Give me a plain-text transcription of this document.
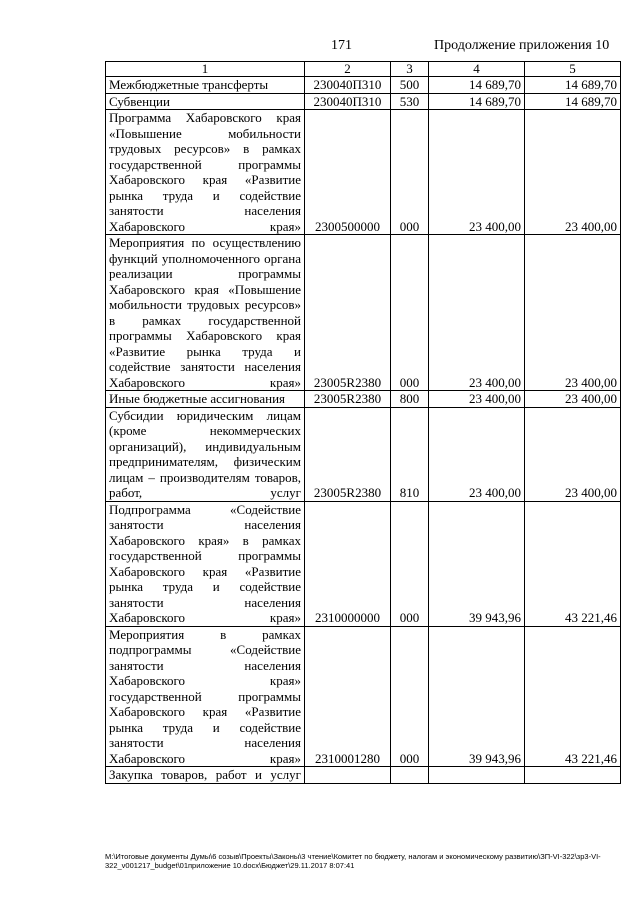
171	Продолжение приложения 10
1	2	3	4	5
Межбюджетные трансферты	230040П310	500	14 689,70	14 689,70
Субвенции	230040П310	530	14 689,70	14 689,70
Программа Хабаровского края «Повышение мобильности трудовых ресурсов» в рамках государственной программы Хабаровского края «Развитие рынка труда и содействие занятости населения Хабаровского края»	2300500000	000	23 400,00	23 400,00
Мероприятия по осуществлению функций уполномоченного органа реализации программы Хабаровского края «Повышение мобильности трудовых ресурсов» в рамках государственной программы Хабаровского края «Развитие рынка труда и содействие занятости населения Хабаровского края»	23005R2380	000	23 400,00	23 400,00
Иные бюджетные ассигнования	23005R2380	800	23 400,00	23 400,00
Субсидии юридическим лицам (кроме некоммерческих организаций), индивидуальным предпринимателям, физическим лицам – производителям товаров, работ, услуг	23005R2380	810	23 400,00	23 400,00
Подпрограмма «Содействие занятости населения Хабаровского края» в рамках государственной программы Хабаровского края «Развитие рынка труда и содействие занятости населения Хабаровского края»	2310000000	000	39 943,96	43 221,46
Мероприятия в рамках подпрограммы «Содействие занятости населения Хабаровского края» государственной программы Хабаровского края «Развитие рынка труда и содействие занятости населения Хабаровского края»	2310001280	000	39 943,96	43 221,46
Закупка товаров, работ и услуг				
M:\Итоговые документы Думы\6 созыв\Проекты\Законы\3 чтение\Комитет по бюджету, налогам и экономическому развитию\ЗП-VI-322\зр3-VI-322_v001217_budget\01приложение 10.docx\Бюджет\29.11.2017 8:07:41
